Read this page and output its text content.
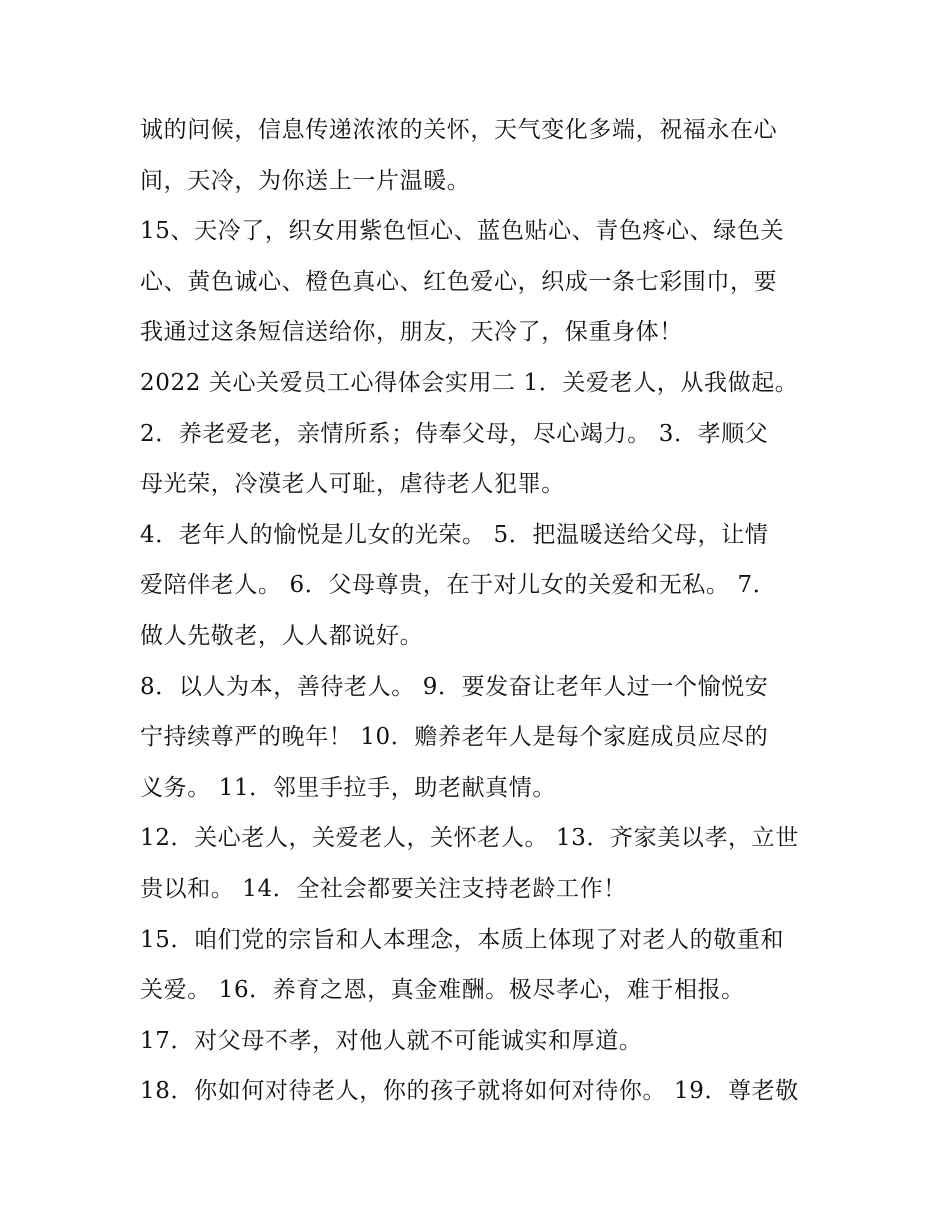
诚的问候，信息传递浓浓的关怀，天气变化多端，祝福永在心
间，天冷，为你送上一片温暖。
15、天冷了，织女用紫色恒心、蓝色贴心、青色疼心、绿色关
心、黄色诚心、橙色真心、红色爱心，织成一条七彩围巾，要
我通过这条短信送给你，朋友，天冷了，保重身体！
2022 关心关爱员工心得体会实用二 1．关爱老人，从我做起。
2．养老爱老，亲情所系；侍奉父母，尽心竭力。 3．孝顺父
母光荣，冷漠老人可耻，虐待老人犯罪。
4．老年人的愉悦是儿女的光荣。 5．把温暖送给父母，让情
爱陪伴老人。 6．父母尊贵，在于对儿女的关爱和无私。 7．
做人先敬老，人人都说好。
8．以人为本，善待老人。 9．要发奋让老年人过一个愉悦安
宁持续尊严的晚年！ 10．赡养老年人是每个家庭成员应尽的
义务。 11．邻里手拉手，助老献真情。
12．关心老人，关爱老人，关怀老人。 13．齐家美以孝，立世
贵以和。 14．全社会都要关注支持老龄工作！
15．咱们党的宗旨和人本理念，本质上体现了对老人的敬重和
关爱。 16．养育之恩，真金难酬。极尽孝心，难于相报。
17．对父母不孝，对他人就不可能诚实和厚道。
18．你如何对待老人，你的孩子就将如何对待你。 19．尊老敬
